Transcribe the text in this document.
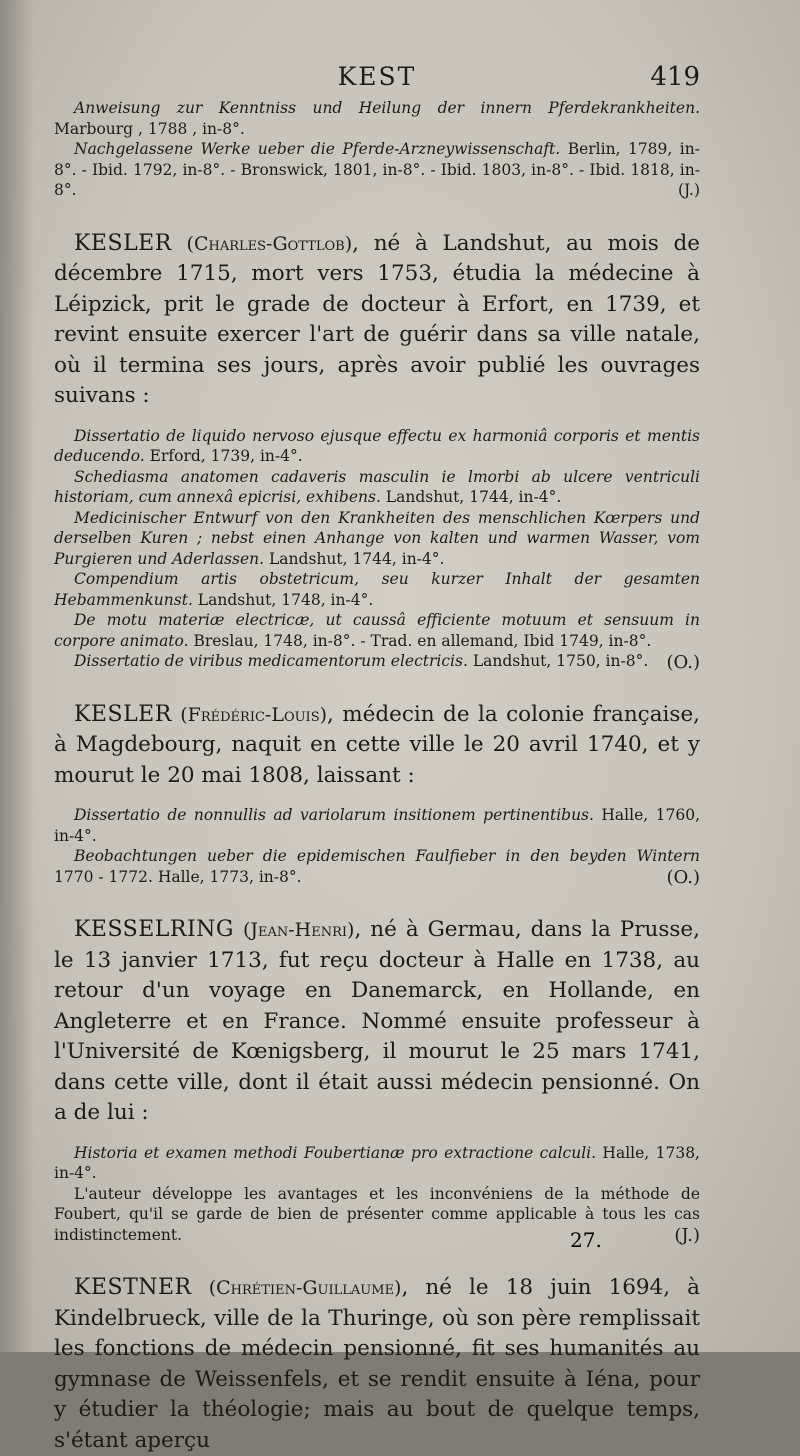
KEST	419

Anweisung zur Kenntniss und Heilung der innern Pferdekrankheiten. Marbourg , 1788 , in-8°.

Nachgelassene Werke ueber die Pferde-Arzneywissenschaft. Berlin, 1789, in-8°. - Ibid. 1792, in-8°. - Bronswick, 1801, in-8°. - Ibid. 1803, in-8°. - Ibid. 1818, in-8°.	(J.)

KESLER (Charles-Gottlob), né à Landshut, au mois de décembre 1715, mort vers 1753, étudia la médecine à Léipzick, prit le grade de docteur à Erfort, en 1739, et revint ensuite exercer l'art de guérir dans sa ville natale, où il termina ses jours, après avoir publié les ouvrages suivans :

Dissertatio de liquido nervoso ejusque effectu ex harmoniâ corporis et mentis deducendo. Erford, 1739, in-4°.

Schediasma anatomen cadaveris masculin ie lmorbi ab ulcere ventriculi historiam, cum annexâ epicrisi, exhibens. Landshut, 1744, in-4°.

Medicinischer Entwurf von den Krankheiten des menschlichen Kœrpers und derselben Kuren ; nebst einen Anhange von kalten und warmen Wasser, vom Purgieren und Aderlassen. Landshut, 1744, in-4°.

Compendium artis obstetricum, seu kurzer Inhalt der gesamten Hebammenkunst. Landshut, 1748, in-4°.

De motu materiæ electricæ, ut caussâ efficiente motuum et sensuum in corpore animato. Breslau, 1748, in-8°. - Trad. en allemand, Ibid 1749, in-8°.

Dissertatio de viribus medicamentorum electricis. Landshut, 1750, in-8°.	(O.)

KESLER (Frédéric-Louis), médecin de la colonie française, à Magdebourg, naquit en cette ville le 20 avril 1740, et y mourut le 20 mai 1808, laissant :

Dissertatio de nonnullis ad variolarum insitionem pertinentibus. Halle, 1760, in-4°.

Beobachtungen ueber die epidemischen Faulfieber in den beyden Wintern 1770 - 1772. Halle, 1773, in-8°.	(O.)

KESSELRING (Jean-Henri), né à Germau, dans la Prusse, le 13 janvier 1713, fut reçu docteur à Halle en 1738, au retour d'un voyage en Danemarck, en Hollande, en Angleterre et en France. Nommé ensuite professeur à l'Université de Kœnigsberg, il mourut le 25 mars 1741, dans cette ville, dont il était aussi médecin pensionné. On a de lui :

Historia et examen methodi Foubertianæ pro extractione calculi. Halle, 1738, in-4°.

L'auteur développe les avantages et les inconvéniens de la méthode de Foubert, qu'il se garde de bien de présenter comme applicable à tous les cas indistinctement.	(J.)

KESTNER (Chrétien-Guillaume), né le 18 juin 1694, à Kindelbrueck, ville de la Thuringe, où son père remplissait les fonctions de médecin pensionné, fit ses humanités au gymnase de Weissenfels, et se rendit ensuite à Iéna, pour y étudier la théologie; mais au bout de quelque temps, s'étant aperçu

27.
